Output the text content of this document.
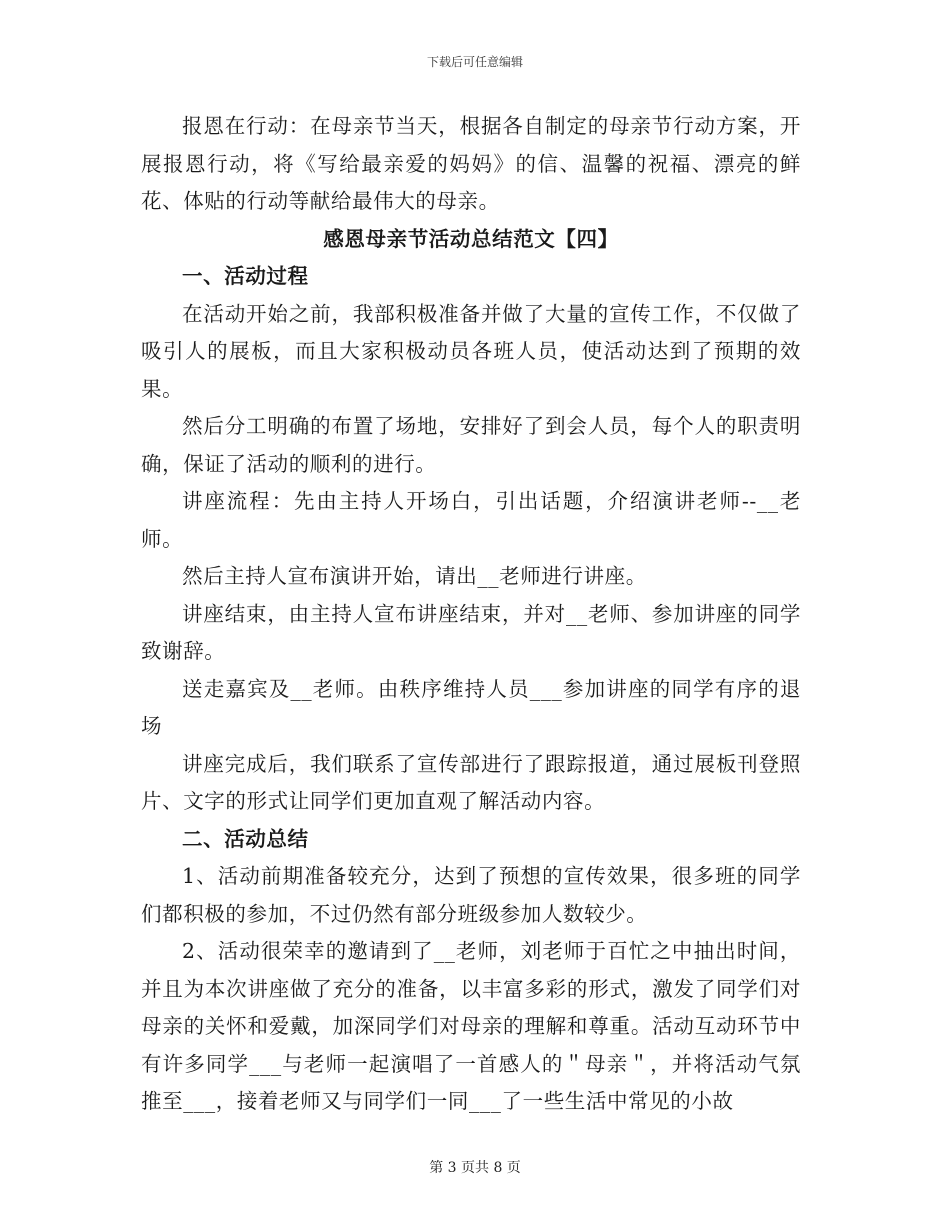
下载后可任意编辑

报恩在行动：在母亲节当天，根据各自制定的母亲节行动方案，开展报恩行动，将《写给最亲爱的妈妈》的信、温馨的祝福、漂亮的鲜花、体贴的行动等献给最伟大的母亲。

感恩母亲节活动总结范文【四】
一、活动过程

在活动开始之前，我部积极准备并做了大量的宣传工作，不仅做了吸引人的展板，而且大家积极动员各班人员，使活动达到了预期的效果。

然后分工明确的布置了场地，安排好了到会人员，每个人的职责明确，保证了活动的顺利的进行。

讲座流程：先由主持人开场白，引出话题，介绍演讲老师--__老师。

然后主持人宣布演讲开始，请出__老师进行讲座。

讲座结束，由主持人宣布讲座结束，并对__老师、参加讲座的同学致谢辞。

送走嘉宾及__老师。由秩序维持人员___参加讲座的同学有序的退场

讲座完成后，我们联系了宣传部进行了跟踪报道，通过展板刊登照片、文字的形式让同学们更加直观了解活动内容。

二、活动总结

1、活动前期准备较充分，达到了预想的宣传效果，很多班的同学们都积极的参加，不过仍然有部分班级参加人数较少。

2、活动很荣幸的邀请到了__老师，刘老师于百忙之中抽出时间，并且为本次讲座做了充分的准备，以丰富多彩的形式，激发了同学们对母亲的关怀和爱戴，加深同学们对母亲的理解和尊重。活动互动环节中有许多同学___与老师一起演唱了一首感人的＂母亲＂，并将活动气氛推至___，接着老师又与同学们一同___了一些生活中常见的小故

第 3 页共 8 页
